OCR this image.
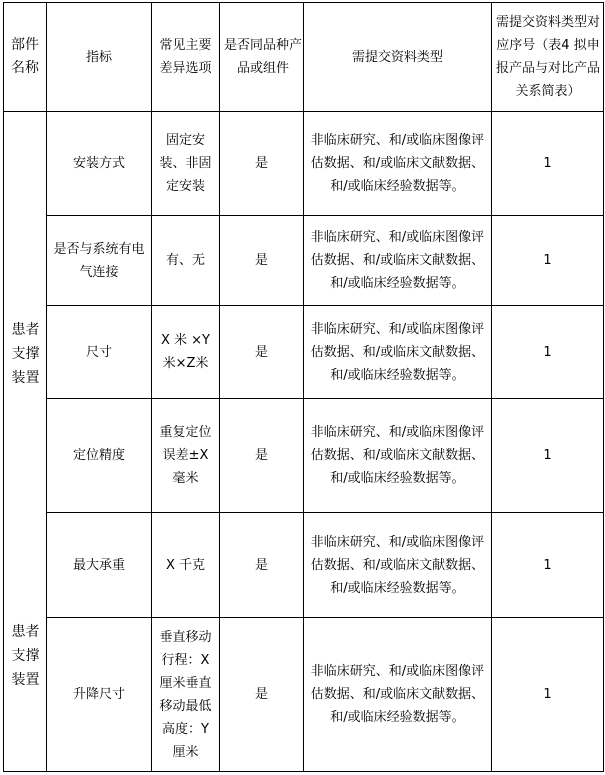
部件名称	指标	常见主要差异选项	是否同品种产品或组件	需提交资料类型	需提交资料类型对应序号（表4 拟申报产品与对比产品关系简表）

患者支撑装置
患者支撑装置	安装方式	固定安装、非固定安装	是	非临床研究、和/或临床图像评估数据、和/或临床文献数据、和/或临床经验数据等。	1
	是否与系统有电气连接	有、无	是	非临床研究、和/或临床图像评估数据、和/或临床文献数据、和/或临床经验数据等。	1
	尺寸	X 米 ×Y米×Z米	是	非临床研究、和/或临床图像评估数据、和/或临床文献数据、和/或临床经验数据等。	1
	定位精度	重复定位误差±X 毫米	是	非临床研究、和/或临床图像评估数据、和/或临床文献数据、和/或临床经验数据等。	1
	最大承重	X 千克	是	非临床研究、和/或临床图像评估数据、和/或临床文献数据、和/或临床经验数据等。	1
	升降尺寸	垂直移动行程：X厘米垂直移动最低高度：Y厘米	是	非临床研究、和/或临床图像评估数据、和/或临床文献数据、和/或临床经验数据等。	1
